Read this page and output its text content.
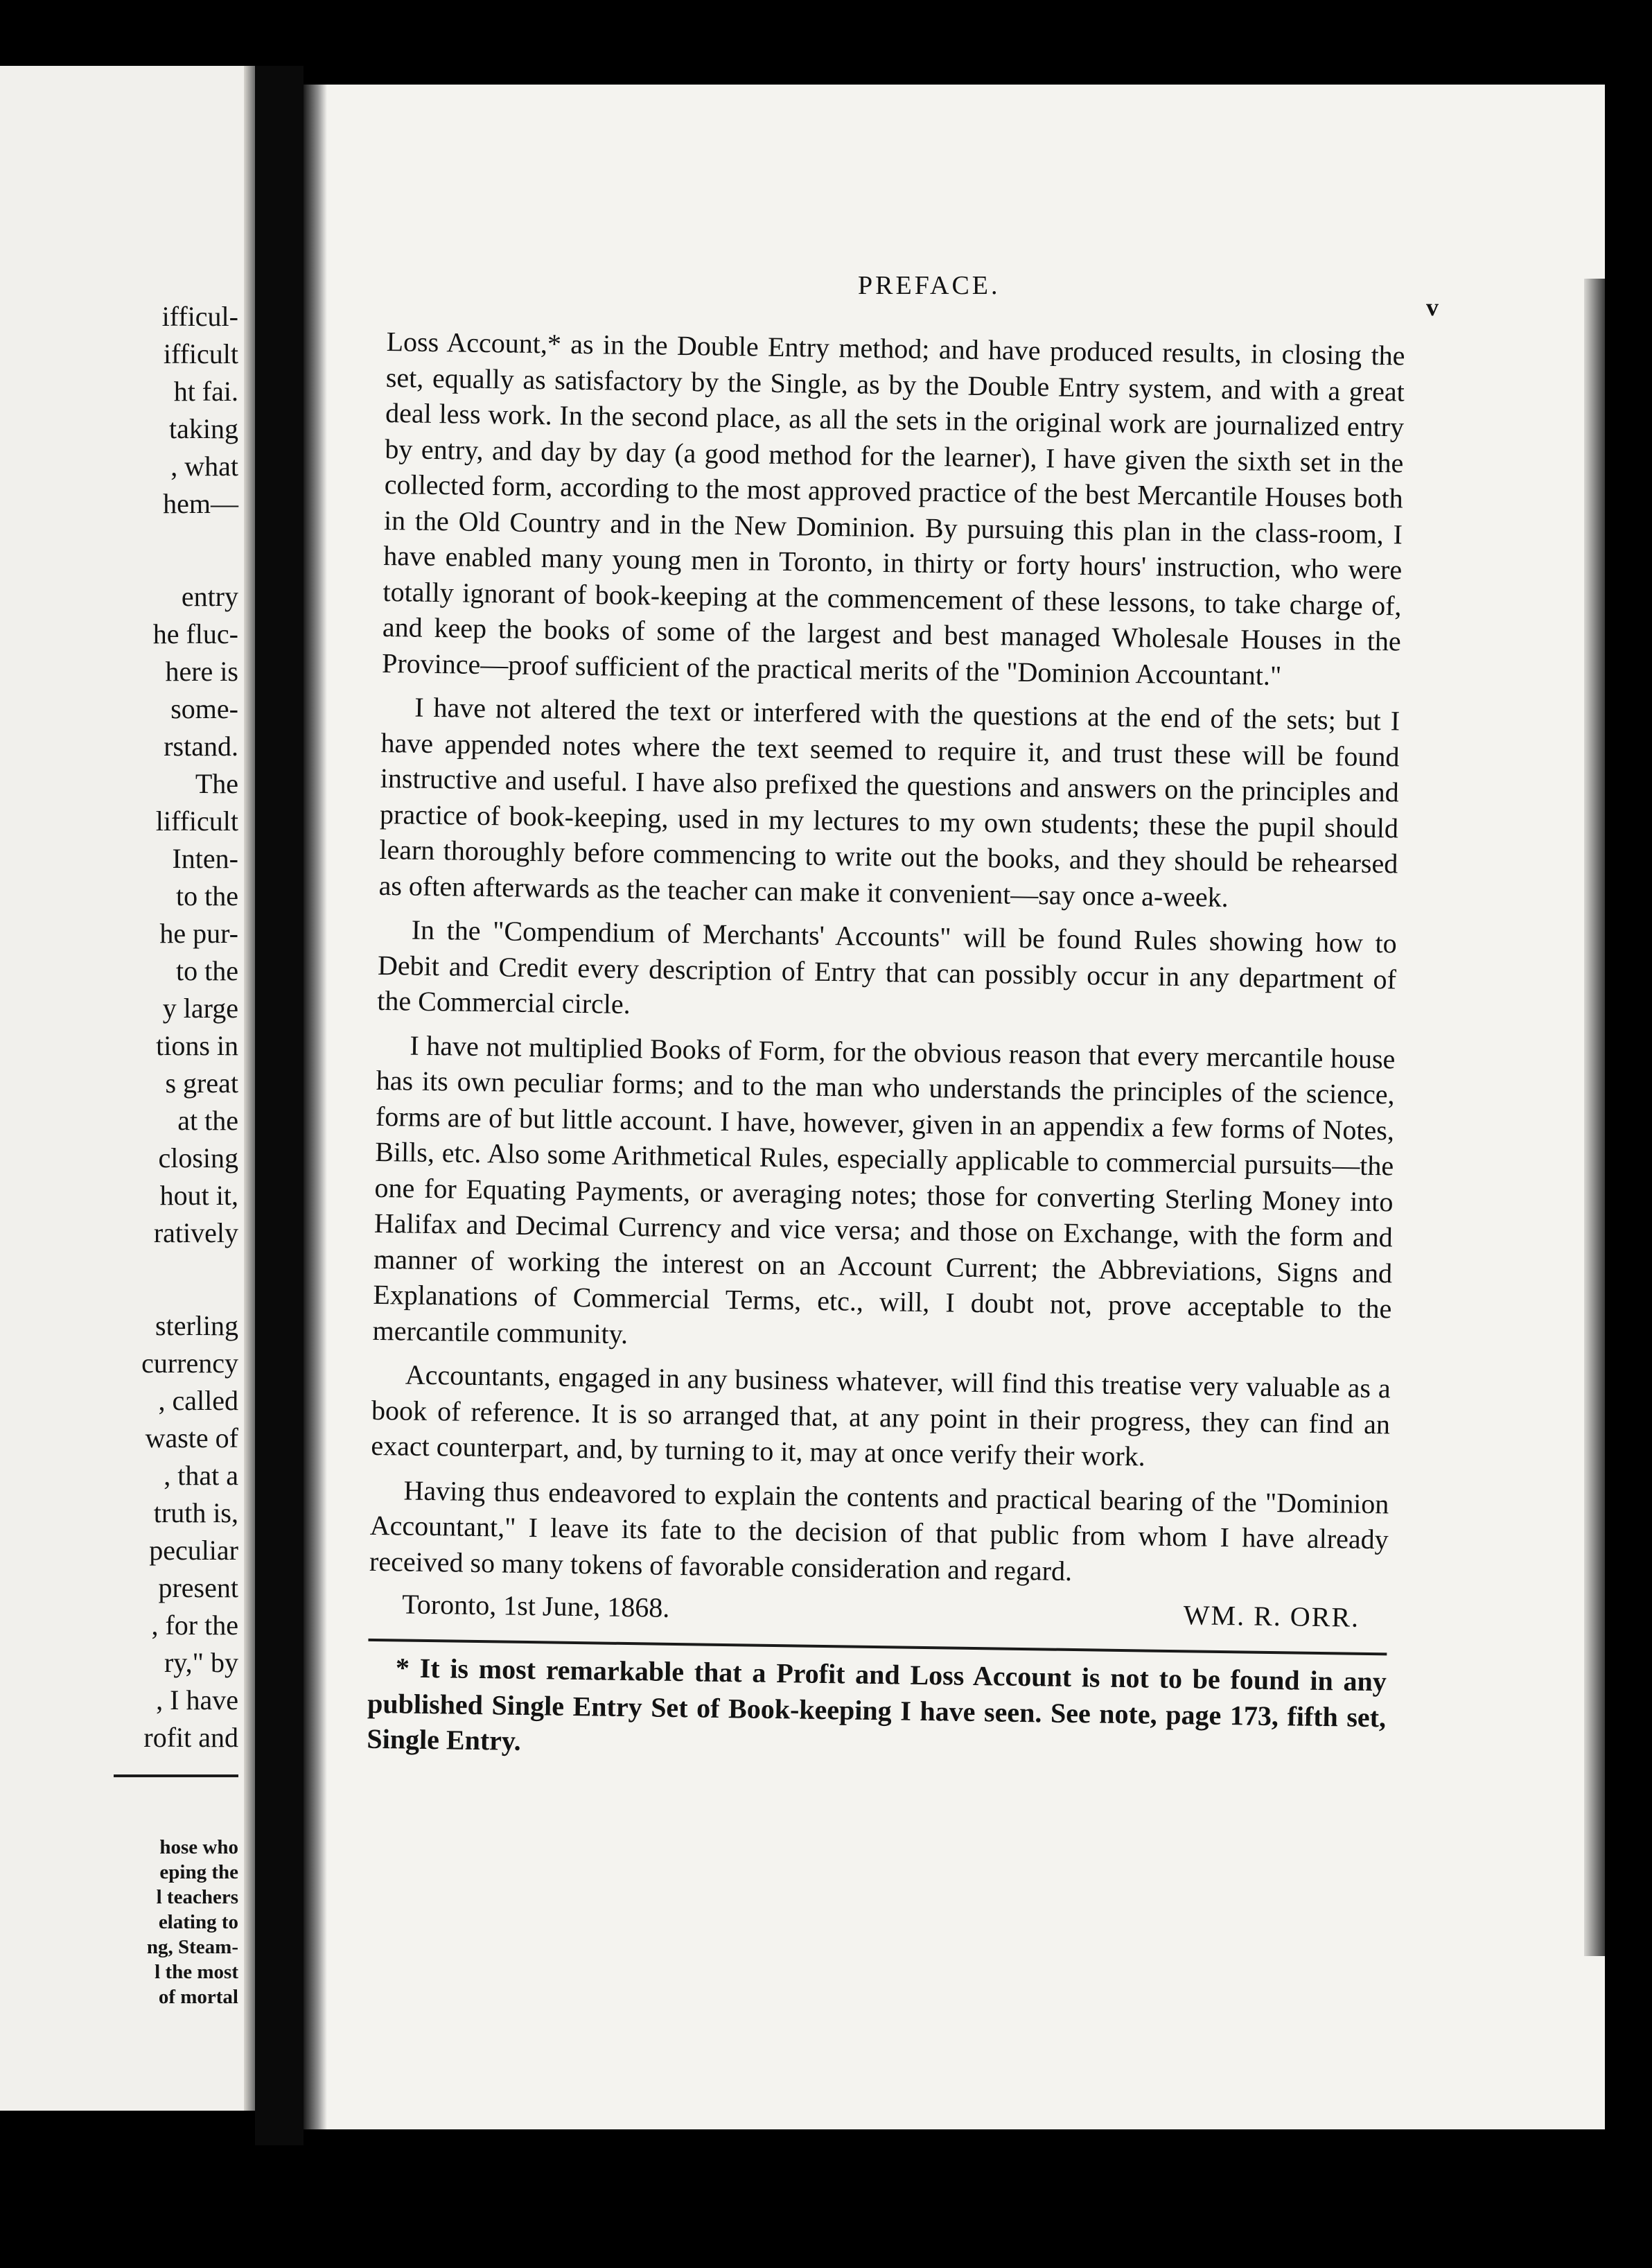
ifficul-
ifficult
ht fai.
taking
, what
hem—
entry
he fluc-
here is
some-
rstand.
The
lifficult
Inten-
to the
he pur-
to the
y large
tions in
s great
at the
closing
hout it,
ratively
sterling
currency
, called
waste of
, that a
truth is,
peculiar
present
, for the
ry," by
, I have
rofit and
hose who
eping the
l teachers
elating to
ng, Steam-
l the most
of mortal
PREFACE.
v

Loss Account,* as in the Double Entry method; and have produced results, in closing the set, equally as satisfactory by the Single, as by the Double Entry system, and with a great deal less work. In the second place, as all the sets in the original work are journalized entry by entry, and day by day (a good method for the learner), I have given the sixth set in the collected form, according to the most approved practice of the best Mercantile Houses both in the Old Country and in the New Dominion. By pursuing this plan in the class-room, I have enabled many young men in Toronto, in thirty or forty hours' instruction, who were totally ignorant of book-keeping at the commencement of these lessons, to take charge of, and keep the books of some of the largest and best managed Wholesale Houses in the Province—proof sufficient of the practical merits of the "Dominion Accountant."

I have not altered the text or interfered with the questions at the end of the sets; but I have appended notes where the text seemed to require it, and trust these will be found instructive and useful. I have also prefixed the questions and answers on the principles and practice of book-keeping, used in my lectures to my own students; these the pupil should learn thoroughly before commencing to write out the books, and they should be rehearsed as often afterwards as the teacher can make it convenient—say once a-week.

In the "Compendium of Merchants' Accounts" will be found Rules showing how to Debit and Credit every description of Entry that can possibly occur in any department of the Commercial circle.

I have not multiplied Books of Form, for the obvious reason that every mercantile house has its own peculiar forms; and to the man who understands the principles of the science, forms are of but little account. I have, however, given in an appendix a few forms of Notes, Bills, etc. Also some Arithmetical Rules, especially applicable to commercial pursuits—the one for Equating Payments, or averaging notes; those for converting Sterling Money into Halifax and Decimal Currency and vice versa; and those on Exchange, with the form and manner of working the interest on an Account Current; the Abbreviations, Signs and Explanations of Commercial Terms, etc., will, I doubt not, prove acceptable to the mercantile community.

Accountants, engaged in any business whatever, will find this treatise very valuable as a book of reference. It is so arranged that, at any point in their progress, they can find an exact counterpart, and, by turning to it, may at once verify their work.

Having thus endeavored to explain the contents and practical bearing of the "Dominion Accountant," I leave its fate to the decision of that public from whom I have already received so many tokens of favorable consideration and regard.

Toronto, 1st June, 1868.	WM. R. ORR.

* It is most remarkable that a Profit and Loss Account is not to be found in any published Single Entry Set of Book-keeping I have seen. See note, page 173, fifth set, Single Entry.
